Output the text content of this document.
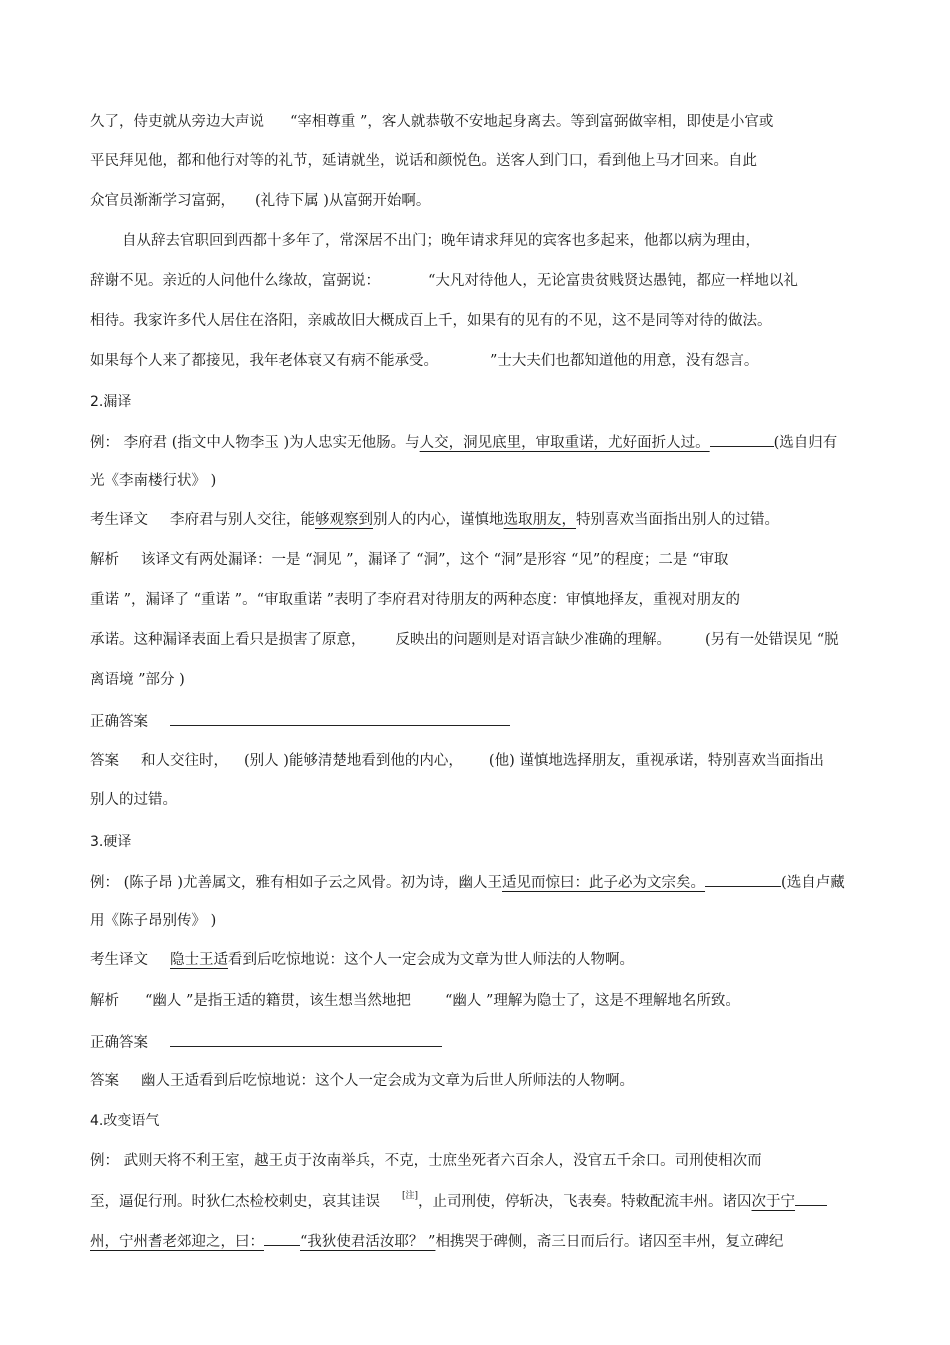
久了，侍吏就从旁边大声说 “宰相尊重 ”，客人就恭敬不安地起身离去。等到富弼做宰相，即使是小官或
平民拜见他，都和他行对等的礼节，延请就坐，说话和颜悦色。送客人到门口，看到他上马才回来。自此
众官员渐渐学习富弼， (礼待下属 )从富弼开始啊。
自从辞去官职回到西都十多年了，常深居不出门；晚年请求拜见的宾客也多起来，他都以病为理由，
辞谢不见。亲近的人问他什么缘故，富弼说：	“大凡对待他人，无论富贵贫贱贤达愚钝，都应一样地以礼
相待。我家许多代人居住在洛阳，亲戚故旧大概成百上千，如果有的见有的不见，这不是同等对待的做法。
如果每个人来了都接见，我年老体衰又有病不能承受。	”士大夫们也都知道他的用意，没有怨言。
2.漏译
例： 李府君 (指文中人物李玉 )为人忠实无他肠。与人交，洞见底里，审取重诺，尤好面折人过。	(选自归有
光《李南楼行状》 )
考生译文 李府君与别人交往，能够观察到别人的内心，谨慎地选取朋友，特别喜欢当面指出别人的过错。
解析 该译文有两处漏译：一是 “洞见 ”，漏译了 “洞”，这个 “洞”是形容 “见”的程度；二是 “审取
重诺 ”，漏译了 “重诺 ”。“审取重诺 ”表明了李府君对待朋友的两种态度：审慎地择友，重视对朋友的
承诺。这种漏译表面上看只是损害了原意， 反映出的问题则是对语言缺少准确的理解。 (另有一处错误见 “脱
离语境 ”部分 )
正确答案
答案 和人交往时， (别人 )能够清楚地看到他的内心， (他) 谨慎地选择朋友，重视承诺，特别喜欢当面指出
别人的过错。
3.硬译
例： (陈子昂 )尤善属文，雅有相如子云之风骨。初为诗，幽人王适见而惊曰：此子必为文宗矣。	(选自卢藏
用《陈子昂别传》 )
考生译文 隐士王适看到后吃惊地说：这个人一定会成为文章为世人师法的人物啊。
解析 “幽人 ”是指王适的籍贯，该生想当然地把 “幽人 ”理解为隐士了，这是不理解地名所致。
正确答案
答案 幽人王适看到后吃惊地说：这个人一定会成为文章为后世人所师法的人物啊。
4.改变语气
例： 武则天将不利王室，越王贞于汝南举兵，不克，士庶坐死者六百余人，没官五千余口。司刑使相次而
至，逼促行刑。时狄仁杰检校刺史，哀其诖误 [注]，止司刑使，停斩决，飞表奏。特敕配流丰州。诸囚次于宁
州，宁州耆老郊迎之，曰： “我狄使君活汝耶？ ”相携哭于碑侧，斋三日而后行。诸囚至丰州，复立碑纪
